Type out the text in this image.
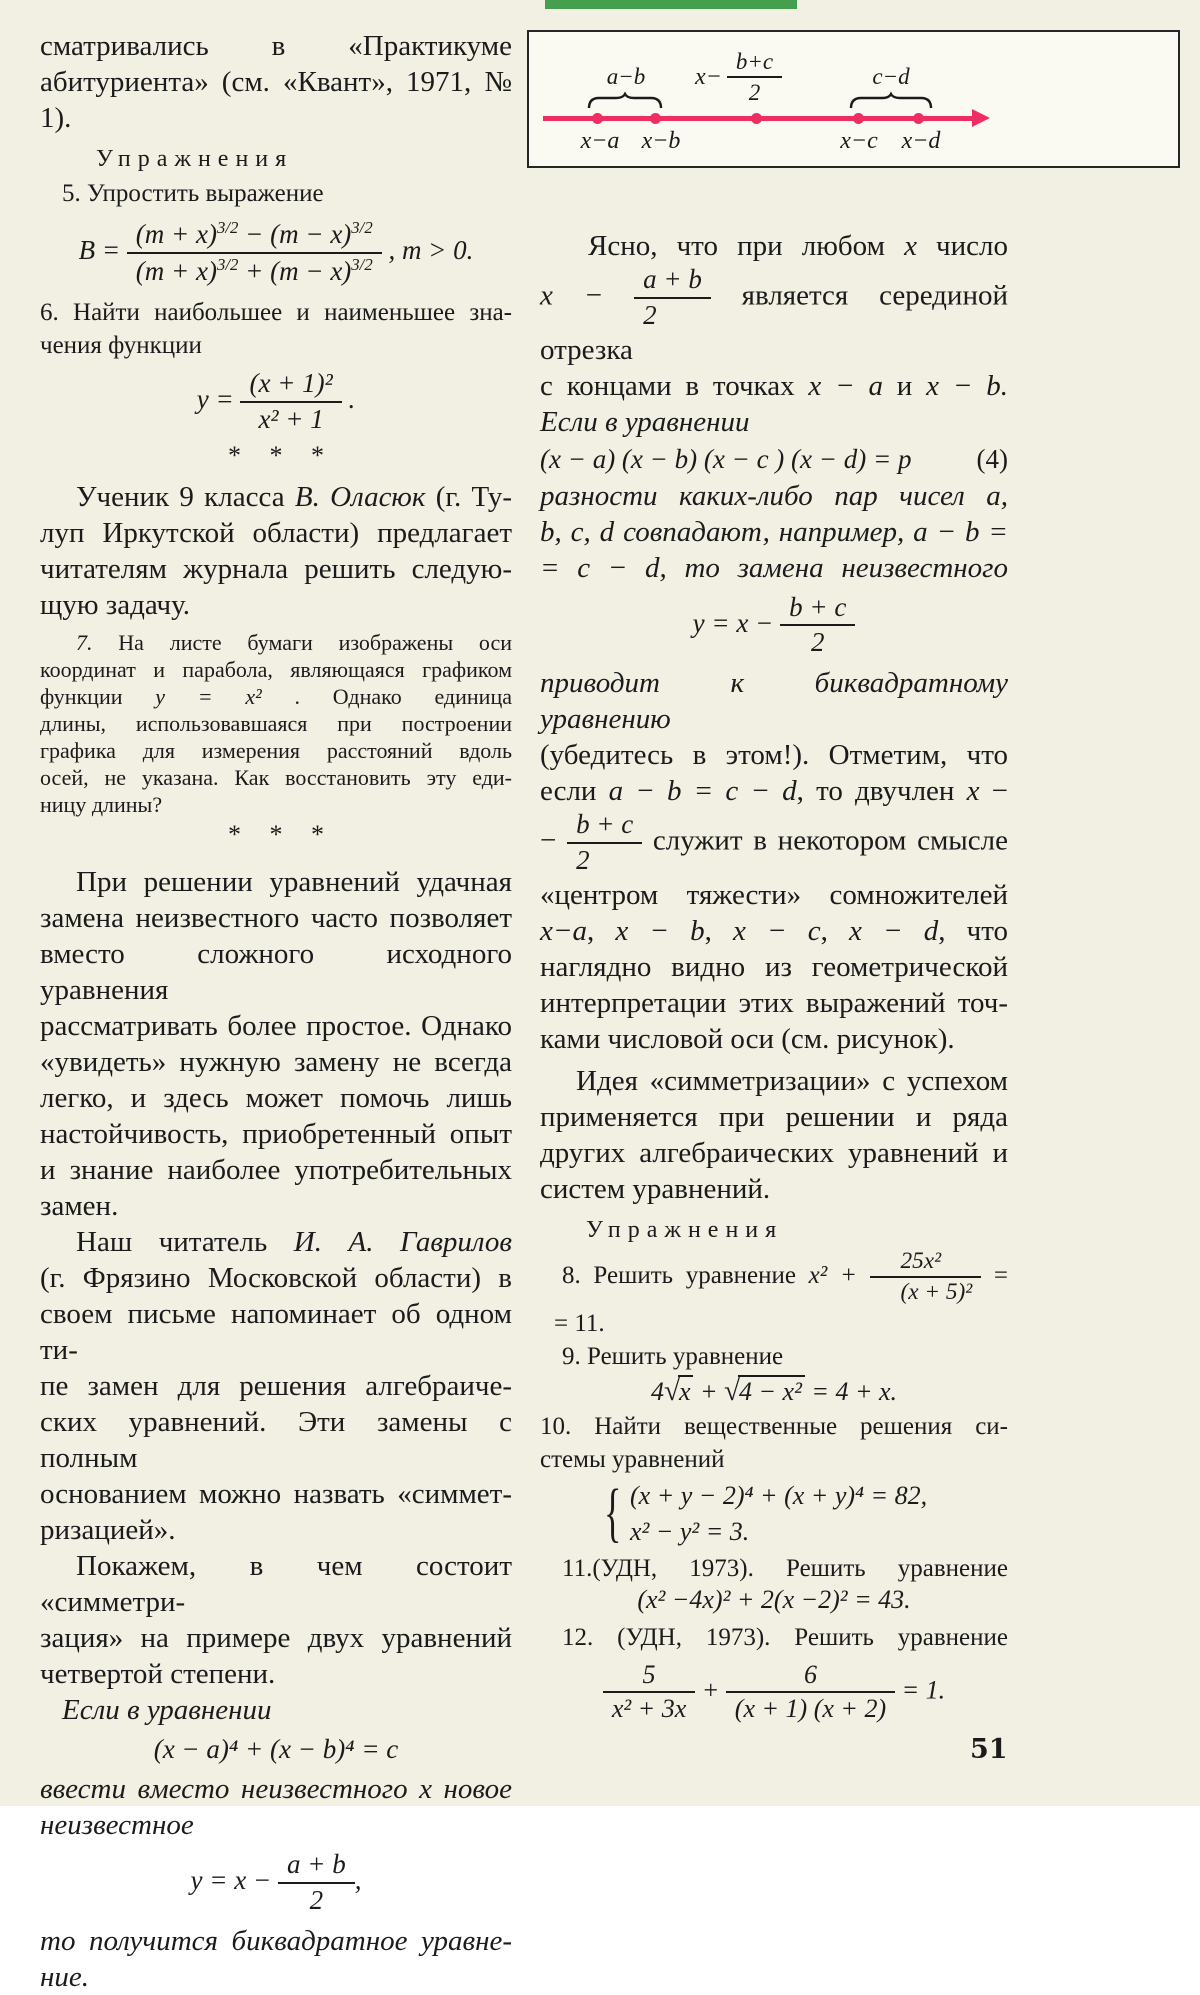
a−b	c−d
$x- \frac{b+c}{2}$
x−a x−b	x−c x−d
сматривались в «Практикуме
абитуриента» (см. «Квант», 1971, № 1).
Упражнения
5. Упростить выражение
$B = \frac{(m + x)^{3/2} - (m - x)^{3/2}}{(m + x)^{3/2} + (m - x)^{3/2}}$ , m > 0.
6. Найти наибольшее и наименьшее зна-
чения функции
$y = \frac{\text{(x + 1)²}}{\text{x² + 1}}$ .
* * *
Ученик 9 класса В. Оласюк (г. Ту-
луп Иркутской области) предлагает
читателям журнала решить следую-
щую задачу.
7. На листе бумаги изображены оси
координат и парабола, являющаяся графиком
функции y = x² . Однако единица
длины, использовавшаяся при построении
графика для измерения расстояний вдоль
осей, не указана. Как восстановить эту еди-
ницу длины?
* * *
При решении уравнений удачная
замена неизвестного часто позволяет
вместо сложного исходного уравнения
рассматривать более простое. Однако
«увидеть» нужную замену не всегда
легко, и здесь может помочь лишь
настойчивость, приобретенный опыт
и знание наиболее употребительных
замен.
Наш читатель И. А. Гаврилов
(г. Фрязино Московской области) в
своем письме напоминает об одном ти-
пе замен для решения алгебраиче-
ских уравнений. Эти замены с полным
основанием можно назвать «симмет-
ризацией».
Покажем, в чем состоит «симметри-
зация» на примере двух уравнений
четвертой степени.
Если в уравнении
(x − a)⁴ + (x − b)⁴ = c
ввести вместо неизвестного x новое
неизвестное
$y = x - \frac{a + b}{2}$ ,
то получится биквадратное уравне-
ние.
Ясно, что при любом x число
$x - \frac{a + b}{2}$ является серединой отрезка
с концами в точках x − a и x − b.
Если в уравнении
(x − a) (x − b) (x − c ) (x − d) = p (4)
разности каких-либо пар чисел a,
b, c, d совпадают, например, a − b =
= c − d, то замена неизвестного
$y = x - \frac{b + c}{2}$
приводит к биквадратному уравнению
(убедитесь в этом!). Отметим, что
если a − b = c − d, то двучлен x −
− $\frac{b + c}{2}$ служит в некотором смысле
«центром тяжести» сомножителей
x−a, x − b, x − c, x − d, что
наглядно видно из геометрической
интерпретации этих выражений точ-
ками числовой оси (см. рисунок).
Идея «симметризации» с успехом
применяется при решении и ряда
других алгебраических уравнений и
систем уравнений.
Упражнения
8. Решить уравнение $x^2 + \frac{\text{25x²}}{\text{(x + 5)²}}$ =
= 11.
9. Решить уравнение
4√x + √4 − x² = 4 + x.
10. Найти вещественные решения си-
стемы уравнений
{ (x + y − 2)⁴ + (x + y)⁴ = 82,
x² − y² = 3.
11.(УДН, 1973). Решить уравнение
(x² −4x)² + 2(x −2)² = 43.
12. (УДН, 1973). Решить уравнение
$\frac{5}{\text{x² + 3x}} + \frac{6}{(x + 1) (x + 2)} = 1$.
51
